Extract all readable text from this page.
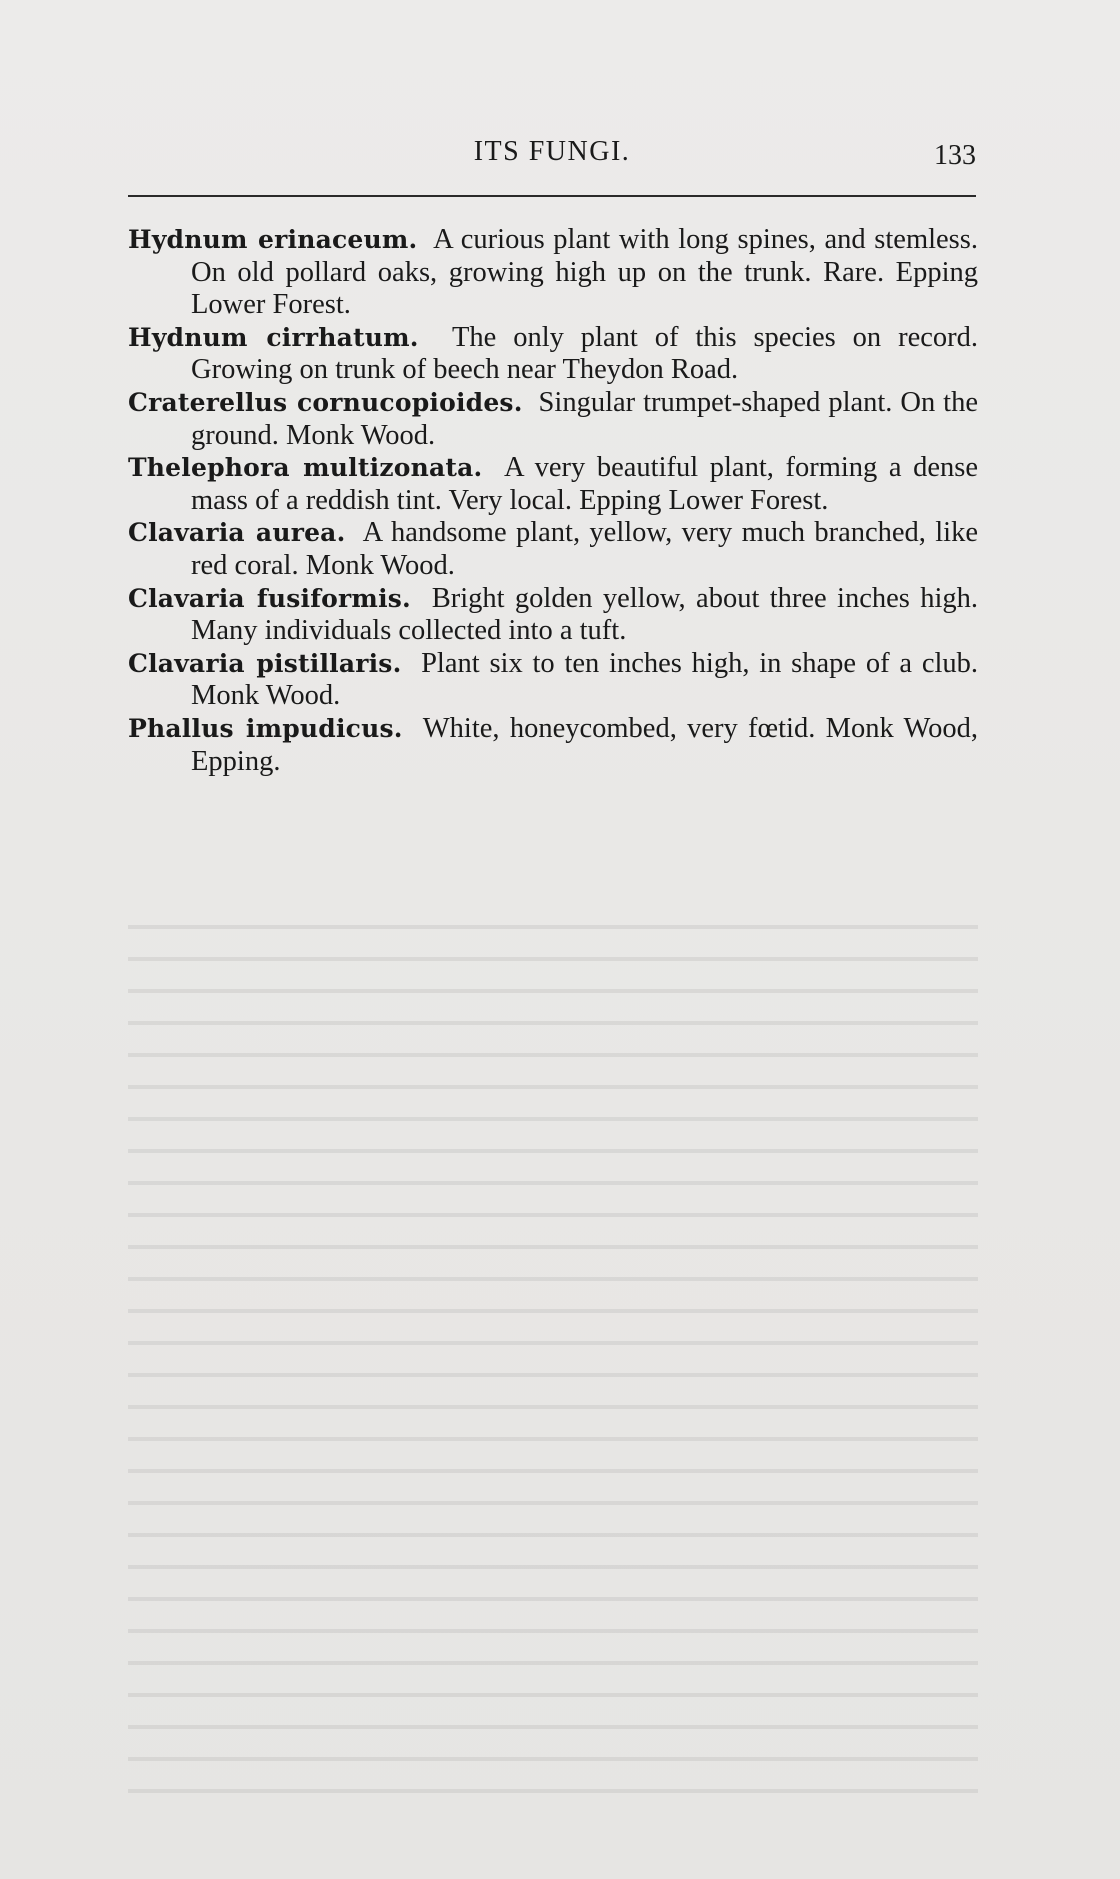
ITS FUNGI.	133

Hydnum erinaceum. A curious plant with long spines, and stemless. On old pollard oaks, growing high up on the trunk. Rare. Epping Lower Forest.

Hydnum cirrhatum. The only plant of this species on record. Growing on trunk of beech near Theydon Road.

Craterellus cornucopioides. Singular trumpet-shaped plant. On the ground. Monk Wood.

Thelephora multizonata. A very beautiful plant, forming a dense mass of a reddish tint. Very local. Epping Lower Forest.

Clavaria aurea. A handsome plant, yellow, very much branched, like red coral. Monk Wood.

Clavaria fusiformis. Bright golden yellow, about three inches high. Many individuals collected into a tuft.

Clavaria pistillaris. Plant six to ten inches high, in shape of a club. Monk Wood.

Phallus impudicus. White, honeycombed, very fœtid. Monk Wood, Epping.
